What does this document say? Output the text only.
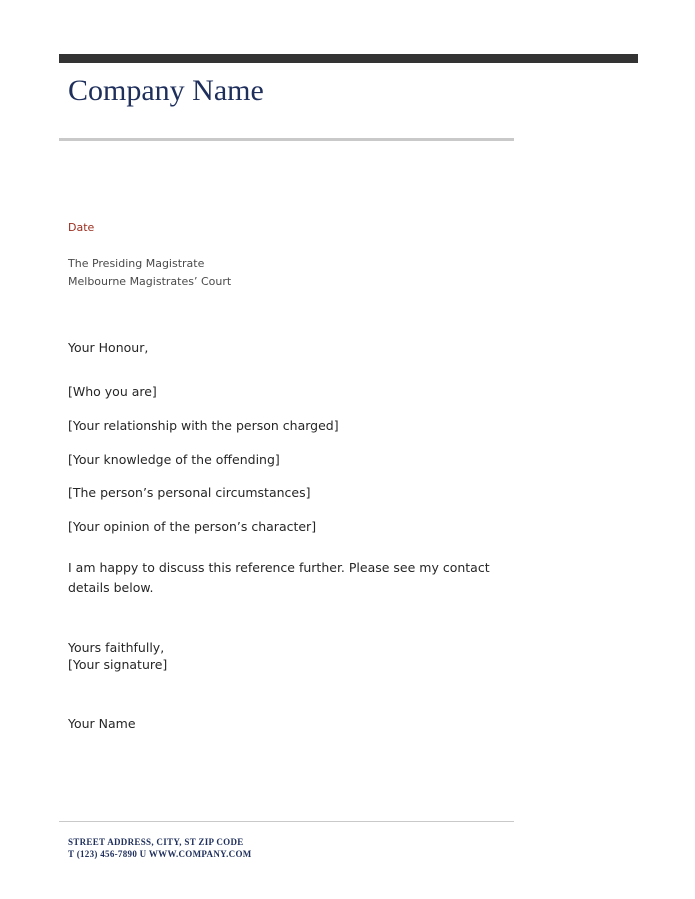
Company Name
Date
The Presiding Magistrate
Melbourne Magistrates’ Court
Your Honour,
[Who you are]
[Your relationship with the person charged]
[Your knowledge of the offending]
[The person’s personal circumstances]
[Your opinion of the person’s character]
I am happy to discuss this reference further. Please see my contact details below.
Yours faithfully,
[Your signature]
Your Name
STREET ADDRESS, CITY, ST ZIP CODE
T (123) 456-7890 U WWW.COMPANY.COM
